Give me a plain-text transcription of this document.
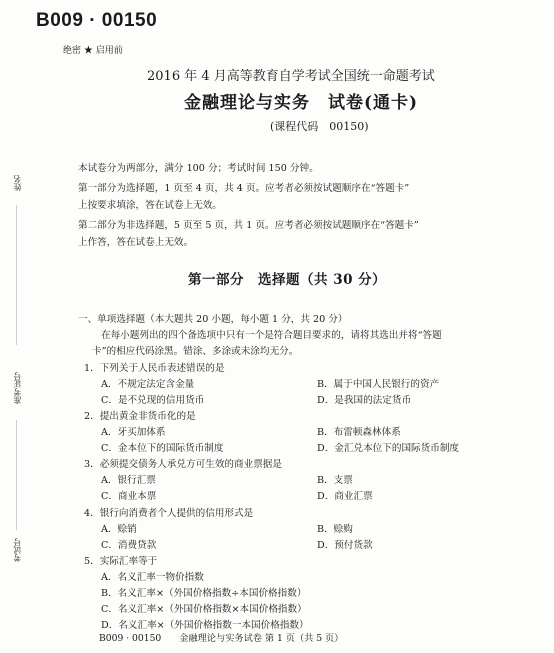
姓名
准考证号
考试号
B009 · 00150
绝密 ★ 启用前
2016 年 4 月高等教育自学考试全国统一命题考试
金融理论与实务　试卷(通卡)
(课程代码　00150)
本试卷分为两部分，满分 100 分；考试时间 150 分钟。
第一部分为选择题，1 页至 4 页，共 4 页。应考者必须按试题顺序在“答题卡”
上按要求填涂，答在试卷上无效。
第二部分为非选择题，5 页至 5 页，共 1 页。应考者必须按试题顺序在“答题卡”
上作答，答在试卷上无效。
第一部分　选择题（共 30 分）
一、单项选择题（本大题共 20 小题，每小题 1 分，共 20 分）
在每小题列出的四个备选项中只有一个是符合题目要求的，请将其选出并将“答题
卡”的相应代码涂黑。错涂、多涂或未涂均无分。
1．下列关于人民币表述错误的是
A．不规定法定含金量	B．属于中国人民银行的资产
C．是不兑现的信用货币	D．是我国的法定货币
2．提出黄金非货币化的是
A．牙买加体系	B．布雷顿森林体系
C．金本位下的国际货币制度	D．金汇兑本位下的国际货币制度
3．必须提交债务人承兑方可生效的商业票据是
A．银行汇票	B．支票
C．商业本票	D．商业汇票
4．银行向消费者个人提供的信用形式是
A．赊销	B．赊购
C．消费贷款	D．预付货款
5．实际汇率等于
A．名义汇率一物价指数
B．名义汇率×（外国价格指数÷本国价格指数）
C．名义汇率×（外国价格指数×本国价格指数）
D．名义汇率×（外国价格指数一本国价格指数）
B009 · 00150 金融理论与实务试卷 第 1 页（共 5 页）
